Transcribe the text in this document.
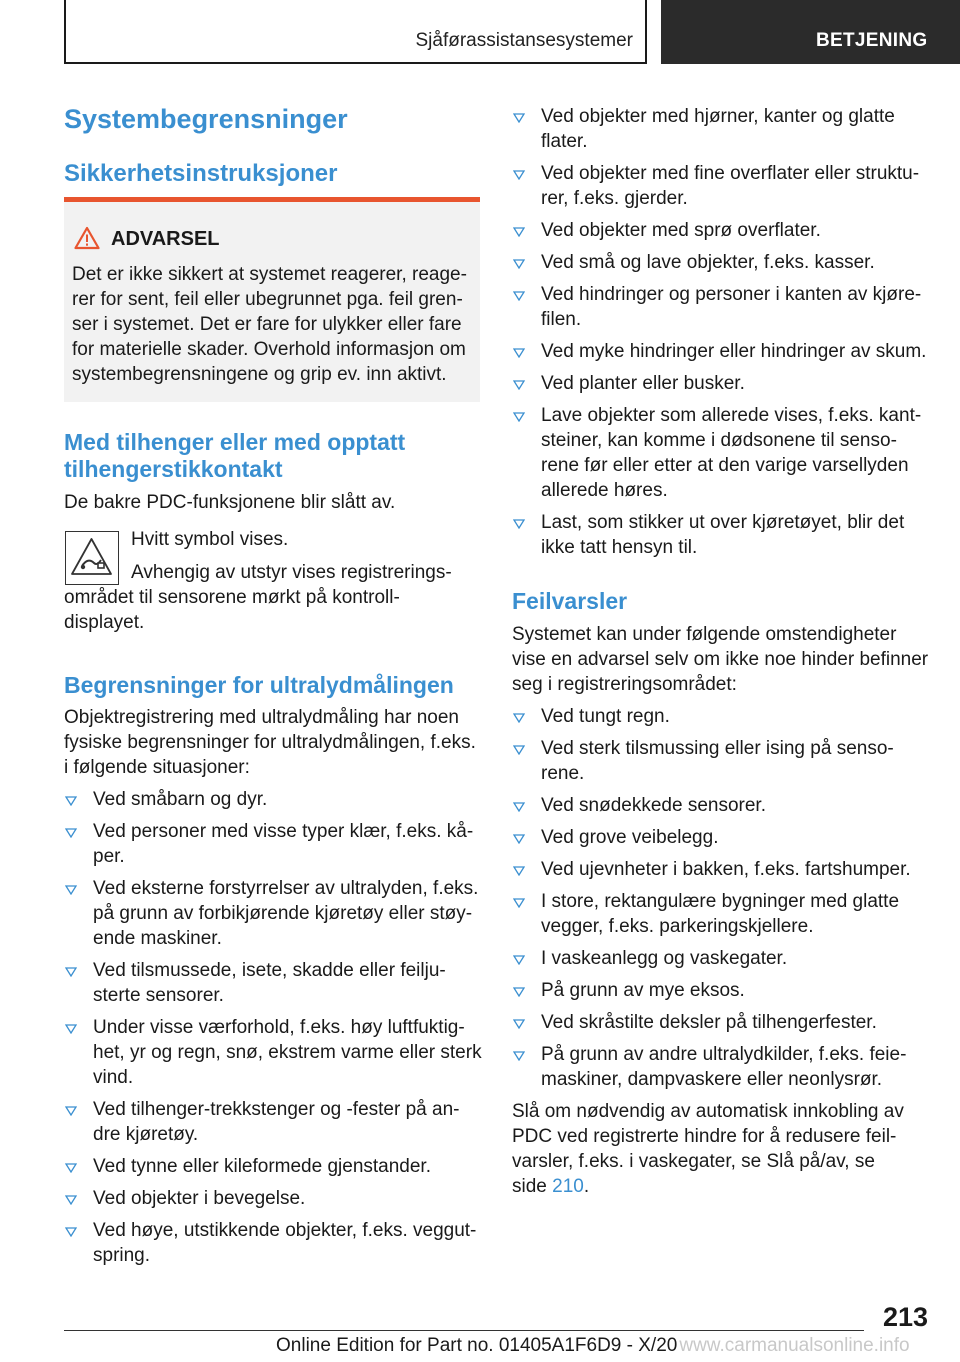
Sjåførassistansesystemer	BETJENING
Systembegrensninger
Sikkerhetsinstruksjoner
ADVARSEL
Det er ikke sikkert at systemet reagerer, reage-rer for sent, feil eller ubegrunnet pga. feil gren-ser i systemet. Det er fare for ulykker eller fare for materielle skader. Overhold informasjon om systembegrensningene og grip ev. inn aktivt.
Med tilhenger eller med opptatt tilhengerstikkontakt
De bakre PDC-funksjonene blir slått av.
Hvitt symbol vises.
Avhengig av utstyr vises registrerings-området til sensorene mørkt på kontroll-displayet.
Begrensninger for ultralydmålingen
Objektregistrering med ultralydmåling har noen fysiske begrensninger for ultralydmålingen, f.eks. i følgende situasjoner:
Ved småbarn og dyr.
Ved personer med visse typer klær, f.eks. kå-per.
Ved eksterne forstyrrelser av ultralyden, f.eks. på grunn av forbikjørende kjøretøy eller støy-ende maskiner.
Ved tilsmussede, isete, skadde eller feilju-sterte sensorer.
Under visse værforhold, f.eks. høy luftfuktig-het, yr og regn, snø, ekstrem varme eller sterk vind.
Ved tilhenger-trekkstenger og -fester på an-dre kjøretøy.
Ved tynne eller kileformede gjenstander.
Ved objekter i bevegelse.
Ved høye, utstikkende objekter, f.eks. veggut-spring.
Ved objekter med hjørner, kanter og glatte flater.
Ved objekter med fine overflater eller struktu-rer, f.eks. gjerder.
Ved objekter med sprø overflater.
Ved små og lave objekter, f.eks. kasser.
Ved hindringer og personer i kanten av kjøre-filen.
Ved myke hindringer eller hindringer av skum.
Ved planter eller busker.
Lave objekter som allerede vises, f.eks. kant-steiner, kan komme i dødsonene til senso-rene før eller etter at den varige varsellyden allerede høres.
Last, som stikker ut over kjøretøyet, blir det ikke tatt hensyn til.
Feilvarsler
Systemet kan under følgende omstendigheter vise en advarsel selv om ikke noe hinder befinner seg i registreringsområdet:
Ved tungt regn.
Ved sterk tilsmussing eller ising på senso-rene.
Ved snødekkede sensorer.
Ved grove veibelegg.
Ved ujevnheter i bakken, f.eks. fartshumper.
I store, rektangulære bygninger med glatte vegger, f.eks. parkeringskjellere.
I vaskeanlegg og vaskegater.
På grunn av mye eksos.
Ved skråstilte deksler på tilhengerfester.
På grunn av andre ultralydkilder, f.eks. feie-maskiner, dampvaskere eller neonlysrør.
Slå om nødvendig av automatisk innkobling av PDC ved registrerte hindre for å redusere feil-varsler, f.eks. i vaskegater, se Slå på/av, se side 210.
213
Online Edition for Part no. 01405A1F6D9 - X/20 www.carmanualsonline.info
